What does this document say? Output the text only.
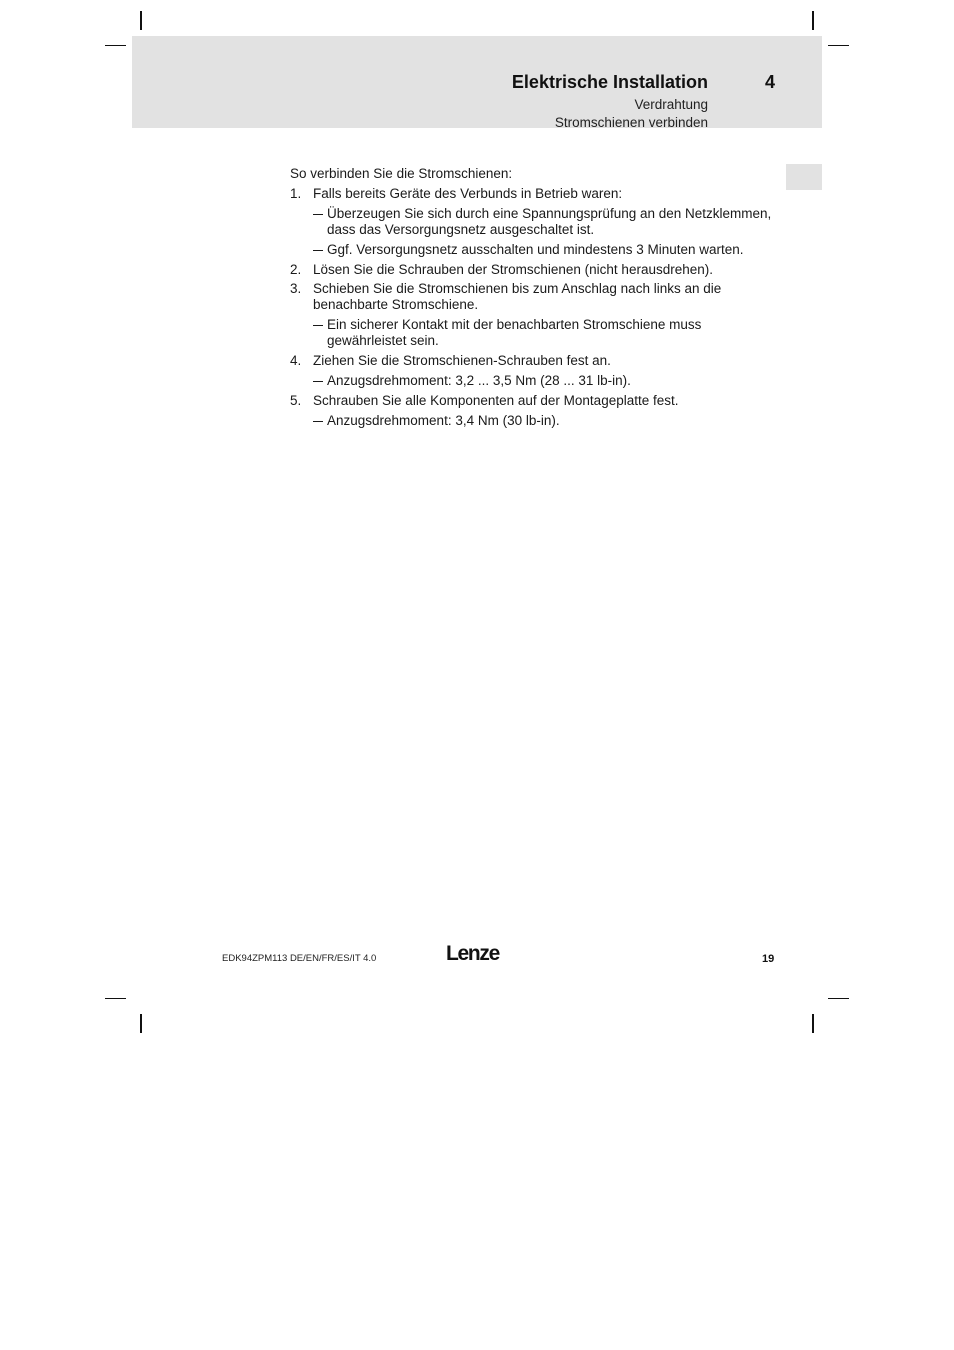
Elektrische Installation	4
Verdrahtung
Stromschienen verbinden

So verbinden Sie die Stromschienen:

1. Falls bereits Geräte des Verbunds in Betrieb waren:
Überzeugen Sie sich durch eine Spannungsprüfung an den Netzklemmen, dass das Versorgungsnetz ausgeschaltet ist.
Ggf. Versorgungsnetz ausschalten und mindestens 3 Minuten warten.
2. Lösen Sie die Schrauben der Stromschienen (nicht herausdrehen).
3. Schieben Sie die Stromschienen bis zum Anschlag nach links an die benachbarte Stromschiene.
Ein sicherer Kontakt mit der benachbarten Stromschiene muss gewährleistet sein.
4. Ziehen Sie die Stromschienen-Schrauben fest an.
Anzugsdrehmoment: 3,2 ... 3,5 Nm (28 ... 31 lb-in).
5. Schrauben Sie alle Komponenten auf der Montageplatte fest.
Anzugsdrehmoment: 3,4 Nm (30 lb-in).
EDK94ZPM113 DE/EN/FR/ES/IT 4.0	Lenze	19
